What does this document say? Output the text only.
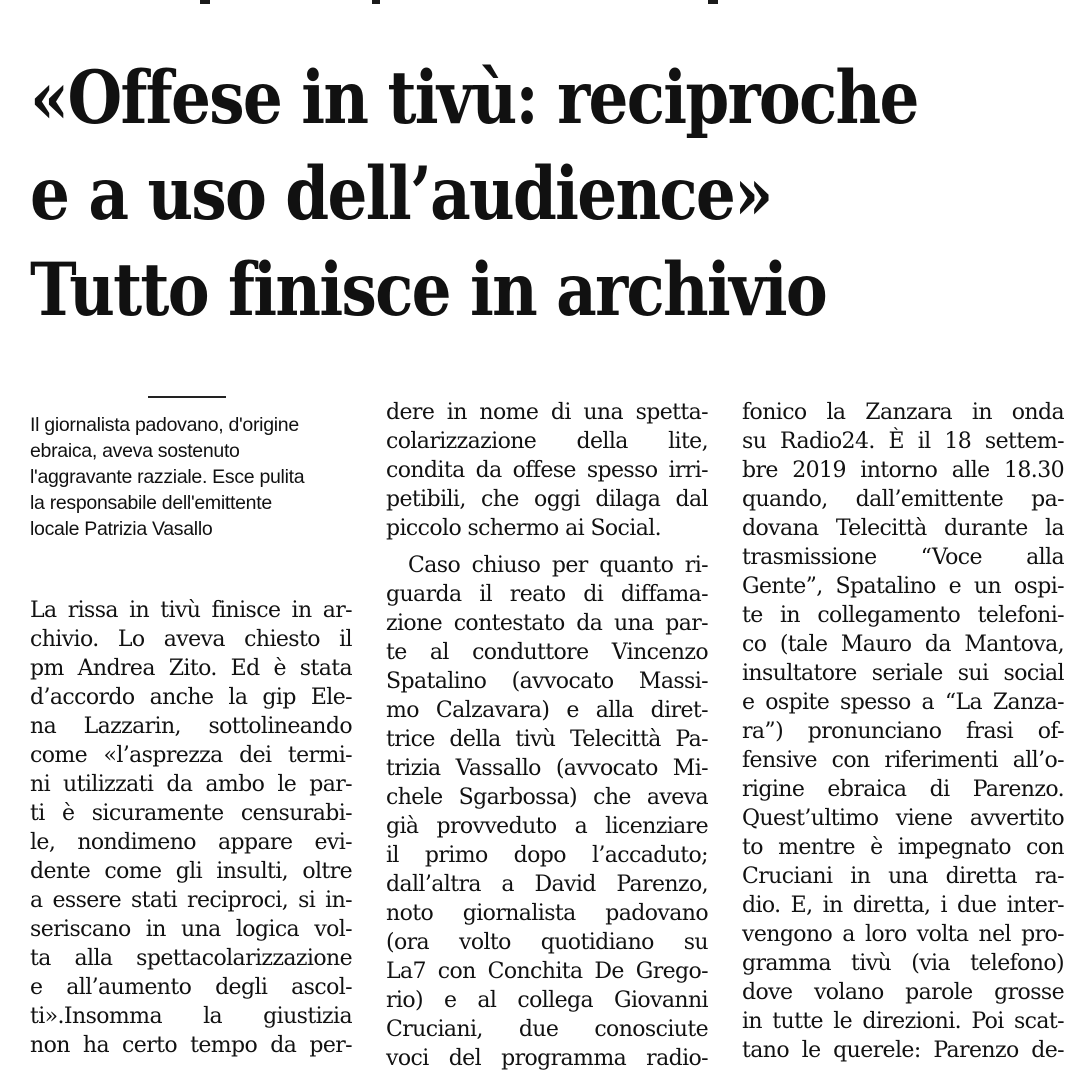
«Offese in tivù: reciproche
e a uso dell’audience»
Tutto finisce in archivio
Il giornalista padovano, d'origine
ebraica, aveva sostenuto
l'aggravante razziale. Esce pulita
la responsabile dell'emittente
locale Patrizia Vasallo
La rissa in tivù finisce in ar-
chivio. Lo aveva chiesto il
pm Andrea Zito. Ed è stata
d’accordo anche la gip Ele-
na Lazzarin, sottolineando
come «l’asprezza dei termi-
ni utilizzati da ambo le par-
ti è sicuramente censurabi-
le, nondimeno appare evi-
dente come gli insulti, oltre
a essere stati reciproci, si in-
seriscano in una logica vol-
ta alla spettacolarizzazione
e all’aumento degli ascol-
ti».Insomma la giustizia
non ha certo tempo da per-
dere in nome di una spetta-
colarizzazione della lite,
condita da offese spesso irri-
petibili, che oggi dilaga dal
piccolo schermo ai Social.
Caso chiuso per quanto ri-
guarda il reato di diffama-
zione contestato da una par-
te al conduttore Vincenzo
Spatalino (avvocato Massi-
mo Calzavara) e alla diret-
trice della tivù Telecittà Pa-
trizia Vassallo (avvocato Mi-
chele Sgarbossa) che aveva
già provveduto a licenziare
il primo dopo l’accaduto;
dall’altra a David Parenzo,
noto giornalista padovano
(ora volto quotidiano su
La7 con Conchita De Grego-
rio) e al collega Giovanni
Cruciani, due conosciute
voci del programma radio-
fonico la Zanzara in onda
su Radio24. È il 18 settem-
bre 2019 intorno alle 18.30
quando, dall’emittente pa-
dovana Telecittà durante la
trasmissione “Voce alla
Gente”, Spatalino e un ospi-
te in collegamento telefoni-
co (tale Mauro da Mantova,
insultatore seriale sui social
e ospite spesso a “La Zanza-
ra”) pronunciano frasi of-
fensive con riferimenti all’o-
rigine ebraica di Parenzo.
Quest’ultimo viene avvertito
to mentre è impegnato con
Cruciani in una diretta ra-
dio. E, in diretta, i due inter-
vengono a loro volta nel pro-
gramma tivù (via telefono)
dove volano parole grosse
in tutte le direzioni. Poi scat-
tano le querele: Parenzo de-
